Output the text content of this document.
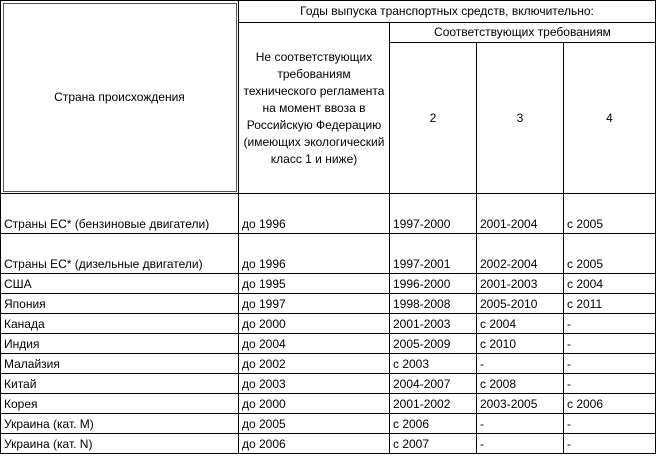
Страна происхождения	Годы выпуска транспортных средств, включительно:			
	Не соответствующих требованиям технического регламента на момент ввоза в Российскую Федерацию (имеющих экологический класс 1 и ниже)	Соответствующих требованиям		
		2	3	4
Страны ЕС* (бензиновые двигатели)	до 1996	1997-2000	2001-2004	с 2005
Страны ЕС* (дизельные двигатели)	до 1996	1997-2001	2002-2004	с 2005
США	до 1995	1996-2000	2001-2003	с 2004
Япония	до 1997	1998-2008	2005-2010	с 2011
Канада	до 2000	2001-2003	с 2004	-
Индия	до 2004	2005-2009	с 2010	-
Малайзия	до 2002	с 2003	-	-
Китай	до 2003	2004-2007	с 2008	-
Корея	до 2000	2001-2002	2003-2005	с 2006
Украина (кат. M)	до 2005	с 2006	-	-
Украина (кат. N)	до 2006	с 2007	-	-
